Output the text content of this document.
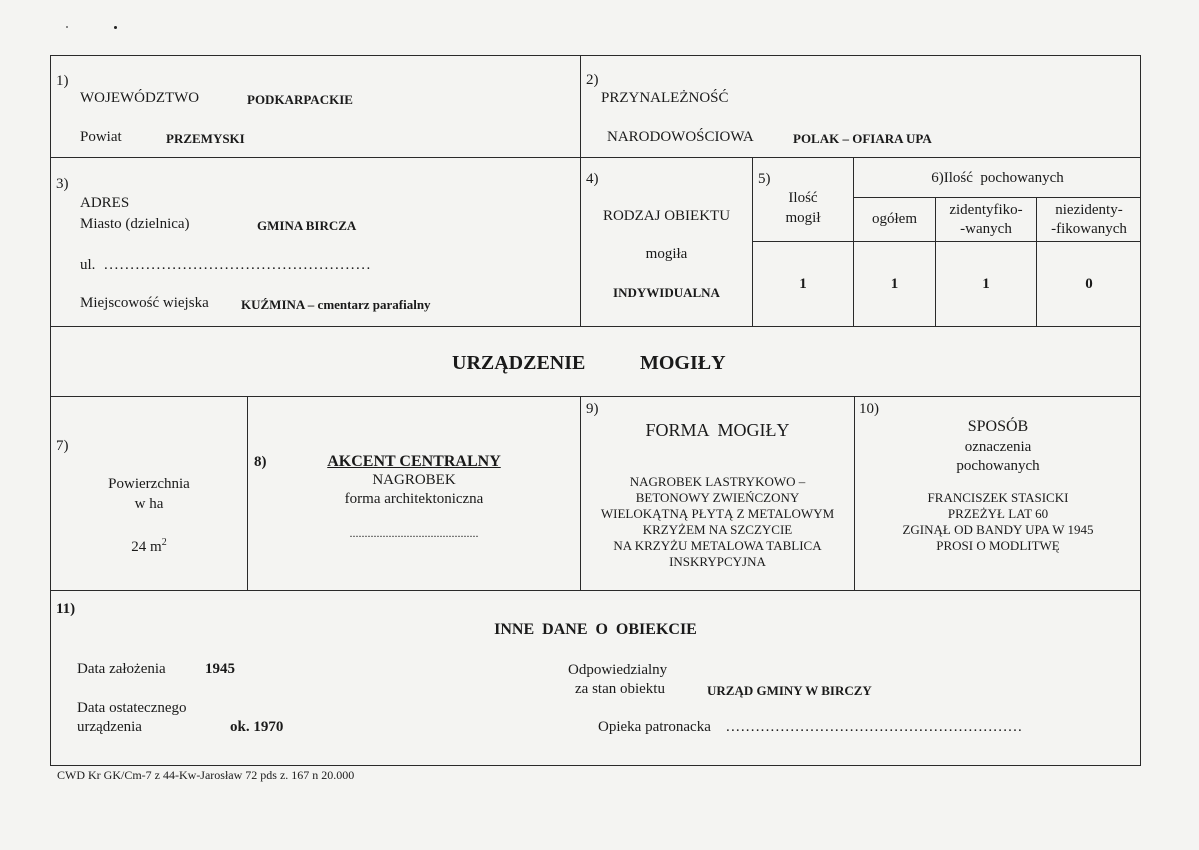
1)
WOJEWÓDZTWO	PODKARPACKIE
Powiat	PRZEMYSKI
2)
PRZYNALEŻNOŚĆ
NARODOWOŚCIOWA	POLAK – OFIARA UPA
3)
ADRES
Miasto (dzielnica)	GMINA BIRCZA
ul. ...................................................
Miejscowość wiejska KUŹMINA – cmentarz parafialny
4)
RODZAJ OBIEKTU
mogiła
INDYWIDUALNA
5)
Ilość
mogił
1
6)Ilość  pochowanych
ogółem
zidentyfiko-
-wanych
niezidenty-
-fikowanych
1	1	0
URZĄDZENIE	MOGIŁY
7)
Powierzchnia
w ha
24 $m^2$
8)	AKCENT CENTRALNY
NAGROBEK
forma architektoniczna
...........................................
9)
FORMA  MOGIŁY
NAGROBEK LASTRYKOWO –
BETONOWY ZWIEŃCZONY
WIELOKĄTNĄ PŁYTĄ Z METALOWYM
KRZYŻEM NA SZCZYCIE
NA KRZYŻU METALOWA TABLICA
INSKRYPCYJNA
10)
SPOSÓB
oznaczenia
pochowanych
FRANCISZEK STASICKI
PRZEŻYŁ LAT 60
ZGINĄŁ OD BANDY UPA W 1945
PROSI O MODLITWĘ
11)
INNE  DANE  O  OBIEKCIE
Data założenia	1945
Data ostatecznego
urządzenia	ok. 1970
Odpowiedzialny
za stan obiektu	URZĄD GMINY W BIRCZY
Opieka patronacka ............................................................
CWD Kr GK/Cm-7 z 44-Kw-Jarosław 72 pds z. 167 n 20.000
